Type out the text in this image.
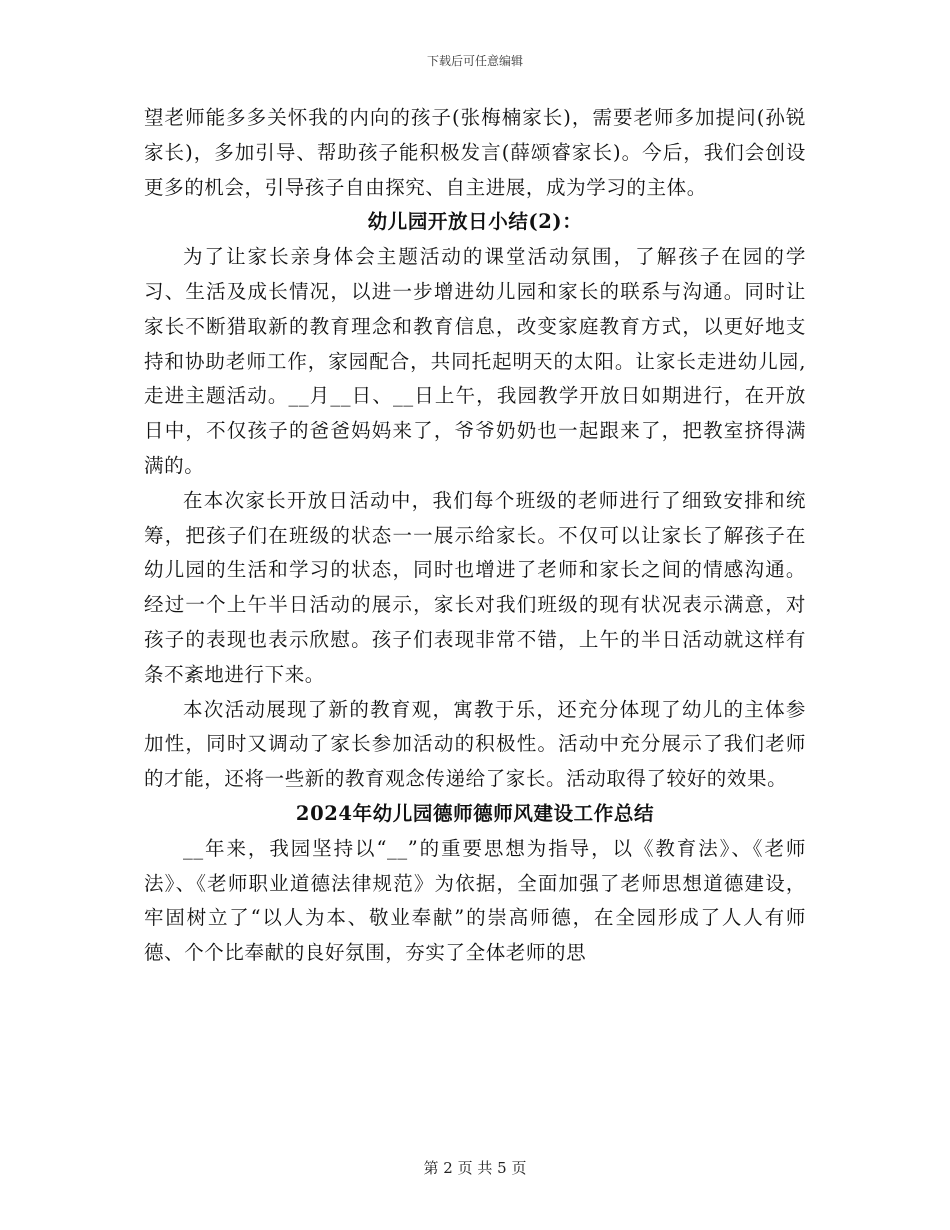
下载后可任意编辑

望老师能多多关怀我的内向的孩子(张梅楠家长)，需要老师多加提问(孙锐家长)，多加引导、帮助孩子能积极发言(薛颂睿家长)。今后，我们会创设更多的机会，引导孩子自由探究、自主进展，成为学习的主体。

幼儿园开放日小结(2)：

为了让家长亲身体会主题活动的课堂活动氛围，了解孩子在园的学习、生活及成长情况，以进一步增进幼儿园和家长的联系与沟通。同时让家长不断猎取新的教育理念和教育信息，改变家庭教育方式，以更好地支持和协助老师工作，家园配合，共同托起明天的太阳。让家长走进幼儿园,走进主题活动。__月__日、__日上午，我园教学开放日如期进行，在开放日中，不仅孩子的爸爸妈妈来了，爷爷奶奶也一起跟来了，把教室挤得满满的。

在本次家长开放日活动中，我们每个班级的老师进行了细致安排和统筹，把孩子们在班级的状态一一展示给家长。不仅可以让家长了解孩子在幼儿园的生活和学习的状态，同时也增进了老师和家长之间的情感沟通。经过一个上午半日活动的展示，家长对我们班级的现有状况表示满意，对孩子的表现也表示欣慰。孩子们表现非常不错，上午的半日活动就这样有条不紊地进行下来。

本次活动展现了新的教育观，寓教于乐，还充分体现了幼儿的主体参加性，同时又调动了家长参加活动的积极性。活动中充分展示了我们老师的才能，还将一些新的教育观念传递给了家长。活动取得了较好的效果。

2024年幼儿园德师德师风建设工作总结

__年来，我园坚持以“__”的重要思想为指导，以《教育法》、《老师法》、《老师职业道德法律规范》为依据，全面加强了老师思想道德建设，牢固树立了“以人为本、敬业奉献”的崇高师德，在全园形成了人人有师德、个个比奉献的良好氛围，夯实了全体老师的思

第 2 页 共 5 页
